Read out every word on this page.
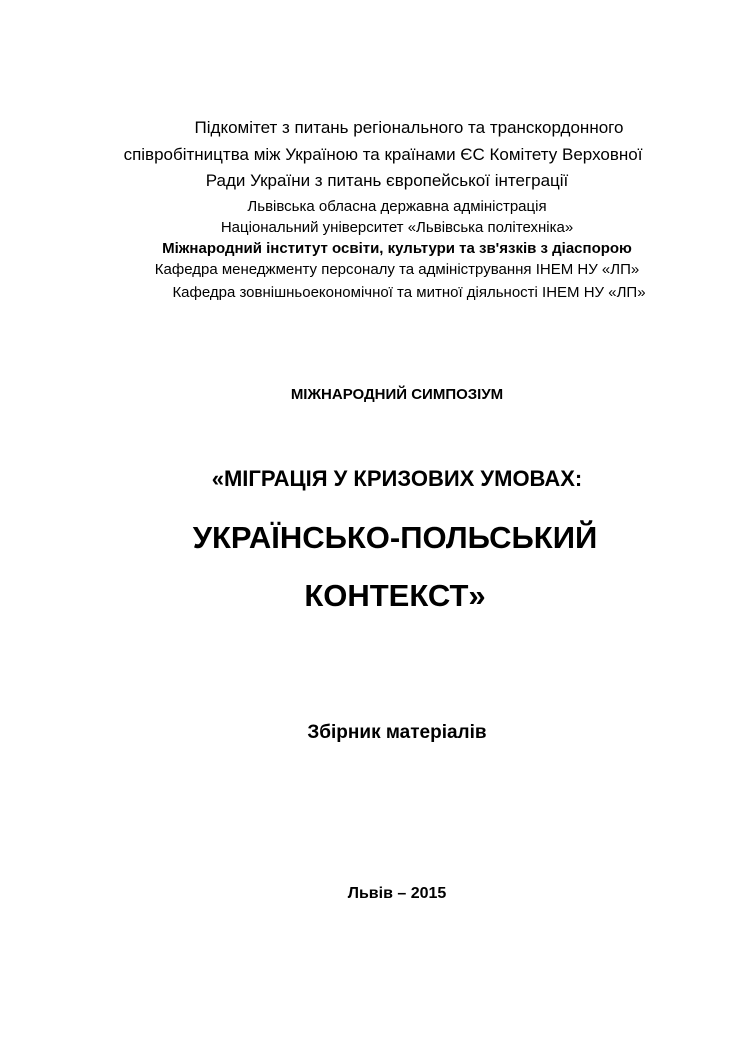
Підкомітет з питань регіонального та транскордонного
співробітництва між Україною та країнами ЄС Комітету Верховної
Ради України з питань європейської інтеграції
Львівська обласна державна адміністрація
Національний університет «Львівська політехніка»
Міжнародний інститут освіти, культури та зв'язків з діаспорою
Кафедра менеджменту персоналу та адміністрування ІНЕМ НУ «ЛП»
Кафедра зовнішньоекономічної та митної діяльності ІНЕМ НУ «ЛП»
МІЖНАРОДНИЙ СИМПОЗІУМ
«МІГРАЦІЯ У КРИЗОВИХ УМОВАХ:
УКРАЇНСЬКО-ПОЛЬСЬКИЙ
КОНТЕКСТ»
Збірник матеріалів
Львів – 2015
